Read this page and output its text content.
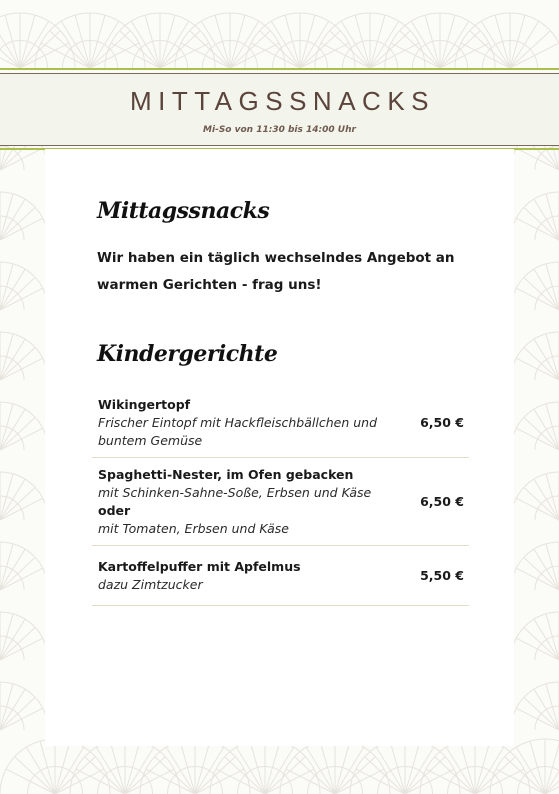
MITTAGSSNACKS
Mi-So von 11:30 bis 14:00 Uhr
Mittagssnacks
Wir haben ein täglich wechselndes Angebot an warmen Gerichten - frag uns!
Kindergerichte
Wikingertopf
Frischer Eintopf mit Hackfleischbällchen und
buntem Gemüse
6,50 €
Spaghetti-Nester, im Ofen gebacken
mit Schinken-Sahne-Soße, Erbsen und Käse
oder
mit Tomaten, Erbsen und Käse
6,50 €
Kartoffelpuffer mit Apfelmus
dazu Zimtzucker
5,50 €
